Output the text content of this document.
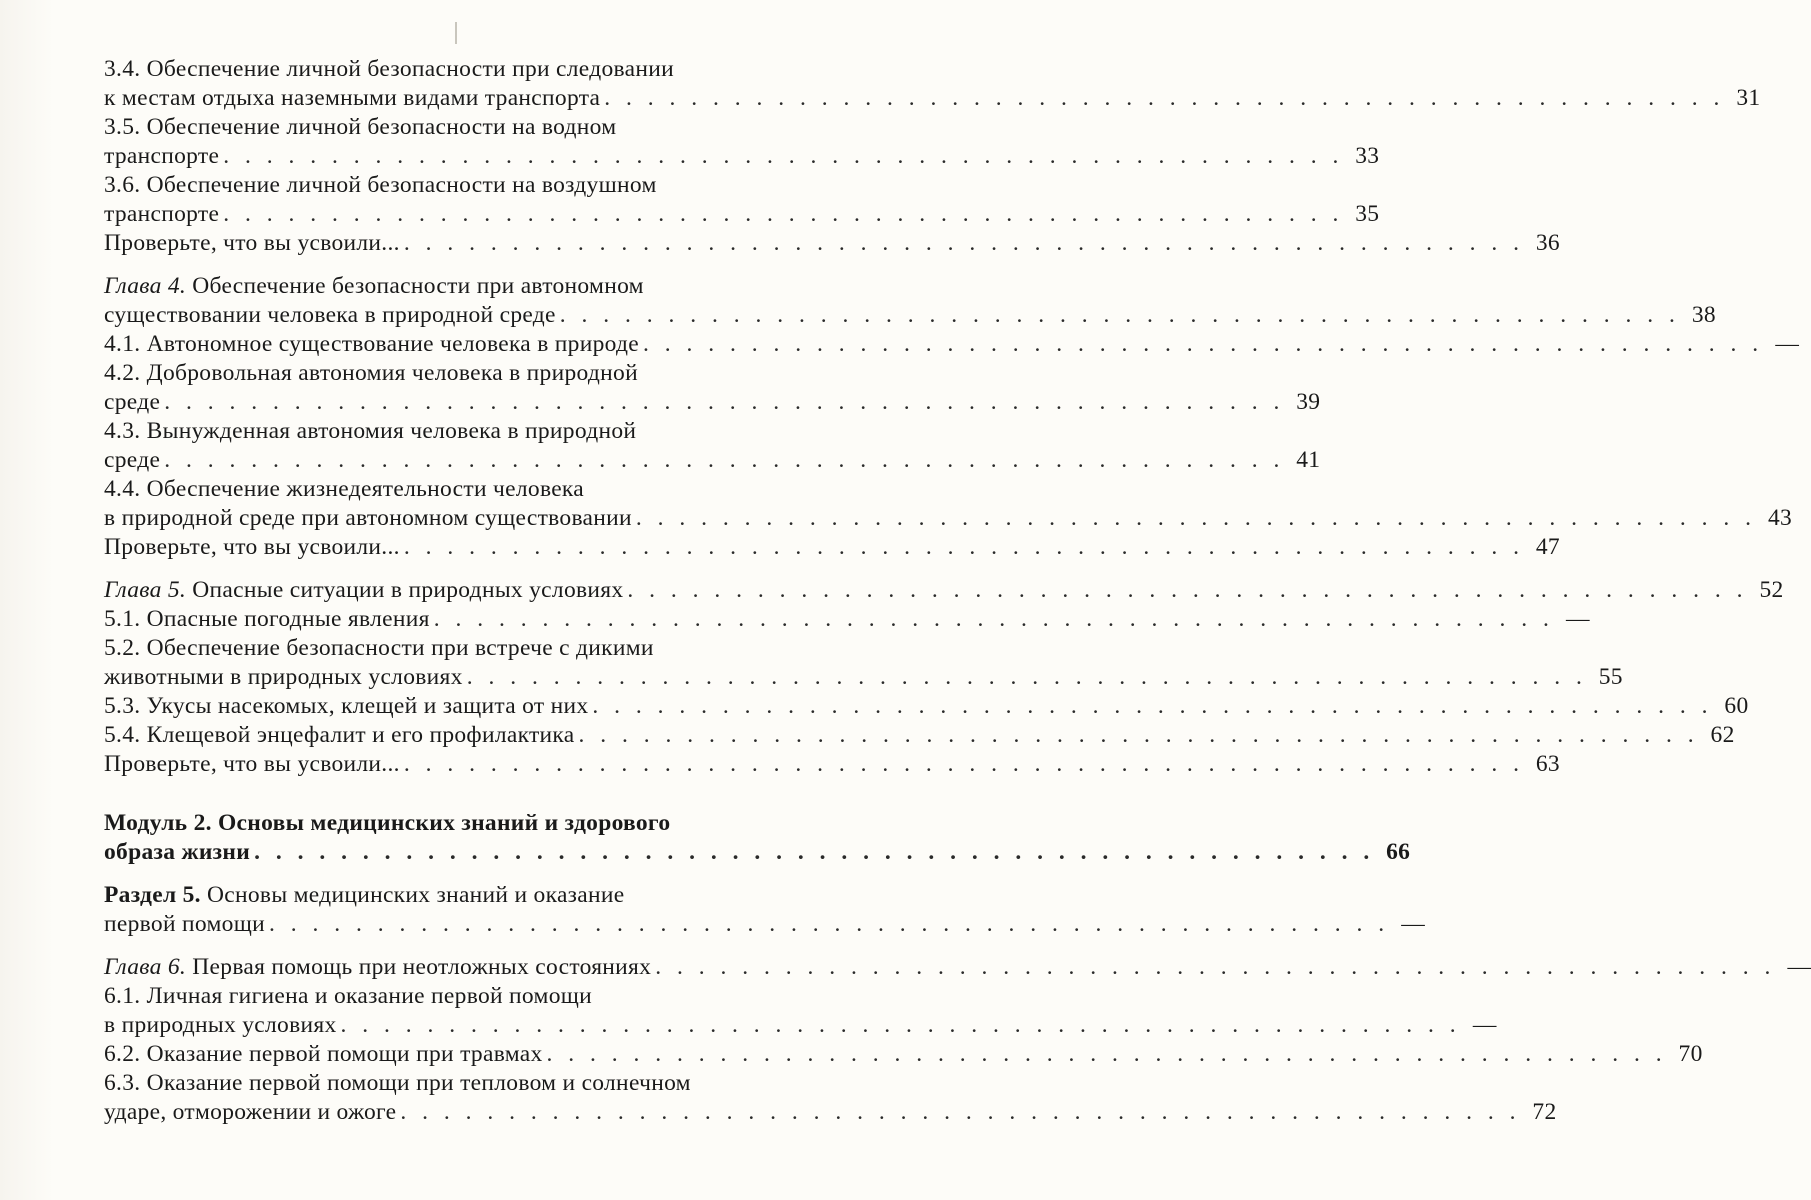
3.4. Обеспечение личной безопасности при следовании
к местам отдыха наземными видами транспорта . . . . . . . . . . . . . . . . . . . . . . . . . . . . . . . . . . . . . . . . . . . . . . . . . . . . 31
3.5. Обеспечение личной безопасности на водном
транспорте . . . . . . . . . . . . . . . . . . . . . . . . . . . . . . . . . . . . . . . . . . . . . . . . . . . . 33
3.6. Обеспечение личной безопасности на воздушном
транспорте . . . . . . . . . . . . . . . . . . . . . . . . . . . . . . . . . . . . . . . . . . . . . . . . . . . . 35
Проверьте, что вы усвоили... . . . . . . . . . . . . . . . . . . . . . . . . . . . . . . . . . . . . . . . . . . . . . . . . . . . . 36
Глава 4. Обеспечение безопасности при автономном
существовании человека в природной среде . . . . . . . . . . . . . . . . . . . . . . . . . . . . . . . . . . . . . . . . . . . . . . . . . . . . 38
4.1. Автономное существование человека в природе . . . . . . . . . . . . . . . . . . . . . . . . . . . . . . . . . . . . . . . . . . . . . . . . . . . . —
4.2. Добровольная автономия человека в природной
среде . . . . . . . . . . . . . . . . . . . . . . . . . . . . . . . . . . . . . . . . . . . . . . . . . . . . 39
4.3. Вынужденная автономия человека в природной
среде . . . . . . . . . . . . . . . . . . . . . . . . . . . . . . . . . . . . . . . . . . . . . . . . . . . . 41
4.4. Обеспечение жизнедеятельности человека
в природной среде при автономном существовании . . . . . . . . . . . . . . . . . . . . . . . . . . . . . . . . . . . . . . . . . . . . . . . . . . . . 43
Проверьте, что вы усвоили... . . . . . . . . . . . . . . . . . . . . . . . . . . . . . . . . . . . . . . . . . . . . . . . . . . . . 47
Глава 5. Опасные ситуации в природных условиях . . . . . . . . . . . . . . . . . . . . . . . . . . . . . . . . . . . . . . . . . . . . . . . . . . . . 52
5.1. Опасные погодные явления . . . . . . . . . . . . . . . . . . . . . . . . . . . . . . . . . . . . . . . . . . . . . . . . . . . . —
5.2. Обеспечение безопасности при встрече с дикими
животными в природных условиях . . . . . . . . . . . . . . . . . . . . . . . . . . . . . . . . . . . . . . . . . . . . . . . . . . . . 55
5.3. Укусы насекомых, клещей и защита от них . . . . . . . . . . . . . . . . . . . . . . . . . . . . . . . . . . . . . . . . . . . . . . . . . . . . 60
5.4. Клещевой энцефалит и его профилактика . . . . . . . . . . . . . . . . . . . . . . . . . . . . . . . . . . . . . . . . . . . . . . . . . . . . 62
Проверьте, что вы усвоили... . . . . . . . . . . . . . . . . . . . . . . . . . . . . . . . . . . . . . . . . . . . . . . . . . . . . 63
Модуль 2. Основы медицинских знаний и здорового
образа жизни . . . . . . . . . . . . . . . . . . . . . . . . . . . . . . . . . . . . . . . . . . . . . . . . . . . . 66
Раздел 5. Основы медицинских знаний и оказание
первой помощи . . . . . . . . . . . . . . . . . . . . . . . . . . . . . . . . . . . . . . . . . . . . . . . . . . . . —
Глава 6. Первая помощь при неотложных состояниях . . . . . . . . . . . . . . . . . . . . . . . . . . . . . . . . . . . . . . . . . . . . . . . . . . . . —
6.1. Личная гигиена и оказание первой помощи
в природных условиях . . . . . . . . . . . . . . . . . . . . . . . . . . . . . . . . . . . . . . . . . . . . . . . . . . . . —
6.2. Оказание первой помощи при травмах . . . . . . . . . . . . . . . . . . . . . . . . . . . . . . . . . . . . . . . . . . . . . . . . . . . . 70
6.3. Оказание первой помощи при тепловом и солнечном
ударе, отморожении и ожоге . . . . . . . . . . . . . . . . . . . . . . . . . . . . . . . . . . . . . . . . . . . . . . . . . . . . 72
